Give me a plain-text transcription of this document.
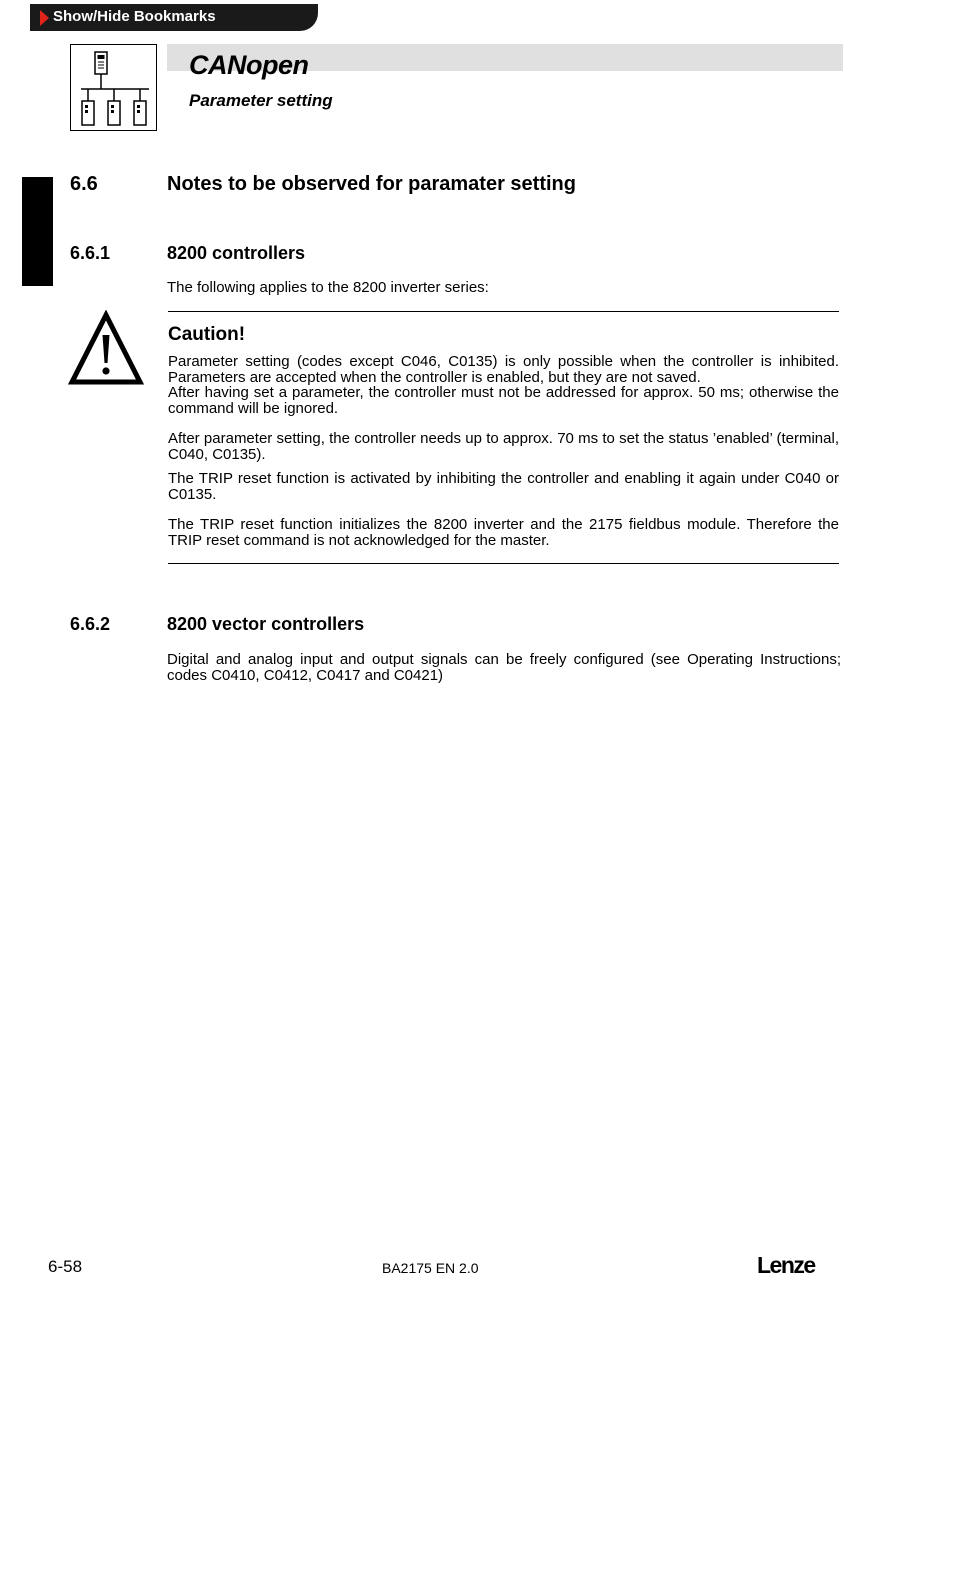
Show/Hide Bookmarks
CANopen
Parameter setting
6.6	Notes to be observed for paramater setting
6.6.1	8200 controllers
The following applies to the 8200 inverter series:
Caution!
Parameter setting (codes except C046, C0135) is only possible when the controller is inhibited. Parameters are accepted when the controller is enabled, but they are not saved.
After having set a parameter, the controller must not be addressed for approx. 50 ms; otherwise the command will be ignored.
After parameter setting, the controller needs up to approx. 70 ms to set the status ’enabled’ (terminal, C040, C0135).
The TRIP reset function is activated by inhibiting the controller and enabling it again under C040 or C0135.
The TRIP reset function initializes the 8200 inverter and the 2175 fieldbus module. Therefore the TRIP reset command is not acknowledged for the master.
6.6.2	8200 vector controllers
Digital and analog input and output signals can be freely configured (see Operating Instructions; codes C0410, C0412, C0417 and C0421)
6-58	BA2175 EN 2.0	Lenze
